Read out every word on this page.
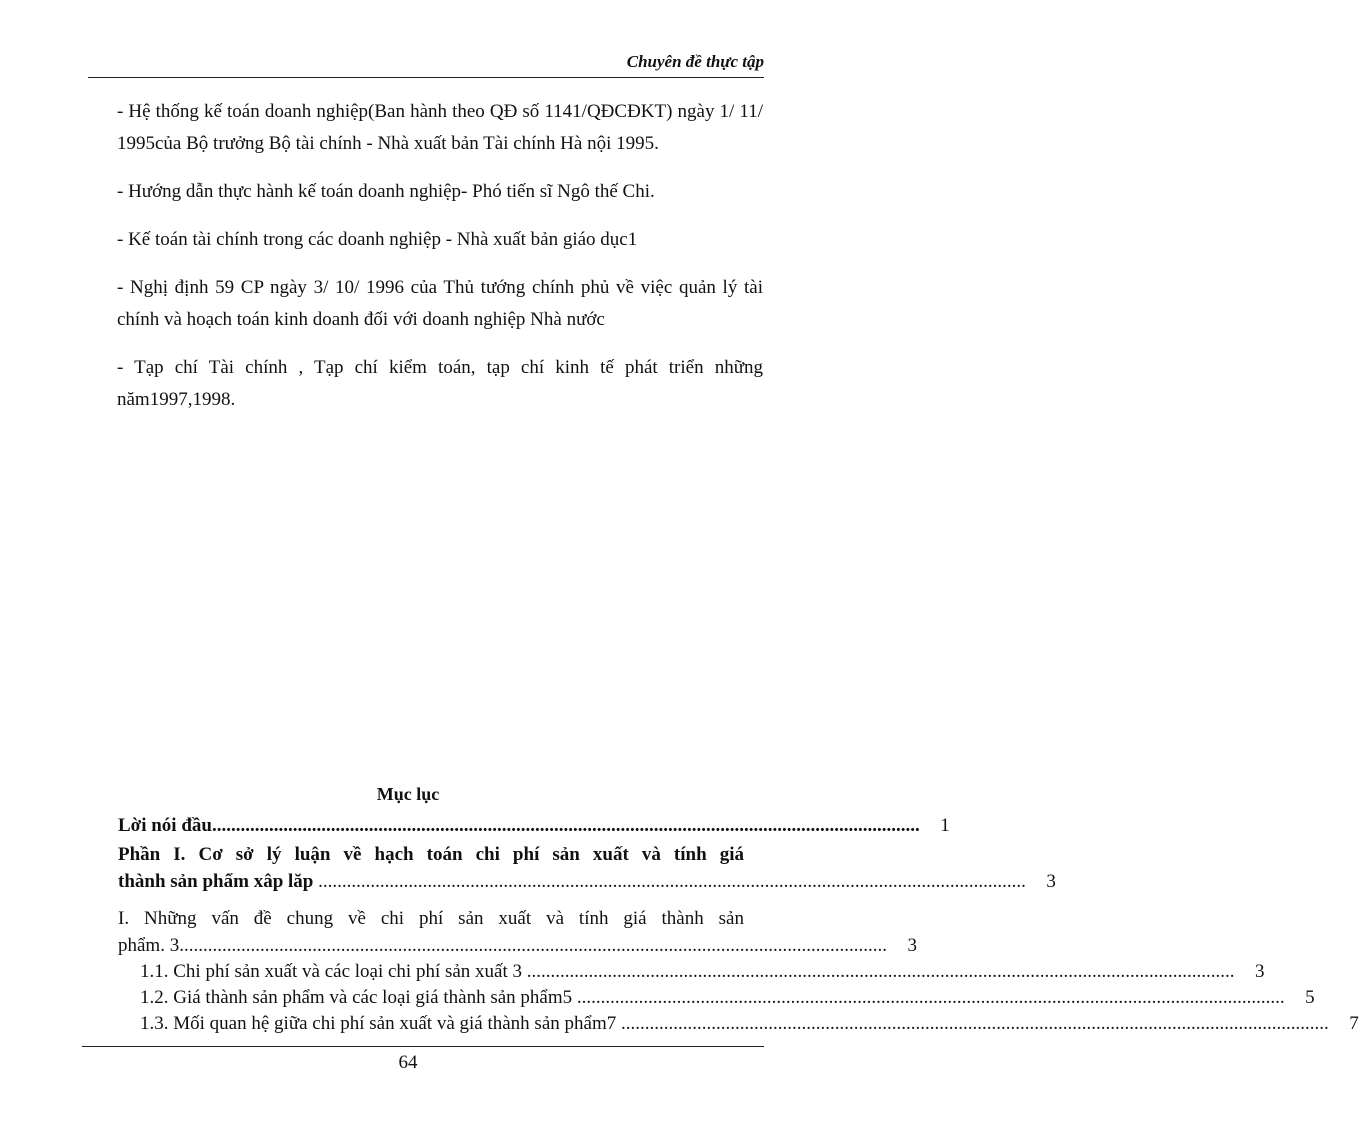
Chuyên đề thực tập

- Hệ thống kế toán doanh nghiệp(Ban hành theo QĐ số 1141/QĐCĐKT) ngày 1/ 11/ 1995của Bộ trưởng Bộ tài chính - Nhà xuất bản Tài chính Hà nội 1995.

- Hướng dẫn thực hành kế toán doanh nghiệp- Phó tiến sĩ Ngô thế Chi.

- Kế toán tài chính trong các doanh nghiệp - Nhà xuất bản giáo dục1

- Nghị định 59 CP ngày 3/ 10/ 1996 của Thủ tướng chính phủ về việc quản lý tài chính và hoạch toán kinh doanh đối với doanh nghiệp Nhà nước

- Tạp chí Tài chính , Tạp chí kiểm toán, tạp chí kinh tế phát triển những năm1997,1998.

Mục lục
Lời nói đầu.....................................................................................................................................................	1
Phần I. Cơ sở lý luận về hạch toán chi phí sản xuất và tính giá
thành sản phẩm xâp lăp .....................................................................................................................................................	3
I. Những vấn đề chung về chi phí sản xuất và tính giá thành sản
phẩm. 3.....................................................................................................................................................	3
1.1. Chi phí sản xuất và các loại chi phí sản xuất 3 .....................................................................................................................................................	3
1.2. Giá thành sản phẩm và các loại giá thành sản phẩm5 .....................................................................................................................................................	5
1.3. Mối quan hệ giữa chi phí sản xuất và giá thành sản phẩm7 .....................................................................................................................................................	7
64
